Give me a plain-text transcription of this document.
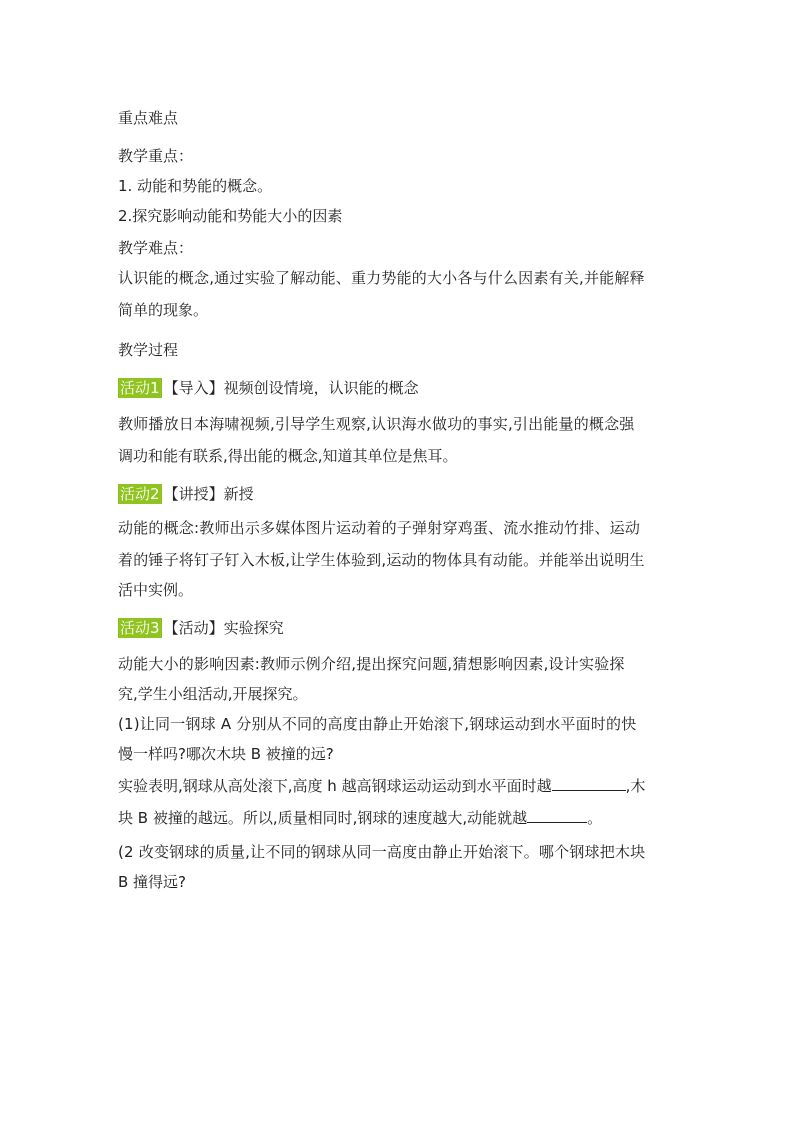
重点难点
教学重点：
1. 动能和势能的概念。
2.探究影响动能和势能大小的因素
教学难点：
认识能的概念,通过实验了解动能、重力势能的大小各与什么因素有关,并能解释
简单的现象。
教学过程
活动1 【导入】视频创设情境，认识能的概念
教师播放日本海啸视频,引导学生观察,认识海水做功的事实,引出能量的概念强
调功和能有联系,得出能的概念,知道其单位是焦耳。
活动2 【讲授】新授
动能的概念:教师出示多媒体图片运动着的子弹射穿鸡蛋、流水推动竹排、运动
着的锤子将钉子钉入木板,让学生体验到,运动的物体具有动能。并能举出说明生
活中实例。
活动3 【活动】实验探究
动能大小的影响因素:教师示例介绍,提出探究问题,猜想影响因素,设计实验探
究,学生小组活动,开展探究。
(1)让同一钢球 A 分别从不同的高度由静止开始滚下,钢球运动到水平面时的快
慢一样吗?哪次木块 B 被撞的远?
实验表明,钢球从高处滚下,高度 h 越高钢球运动运动到水平面时越	,木
块 B 被撞的越远。所以,质量相同时,钢球的速度越大,动能就越	。
(2 改变钢球的质量,让不同的钢球从同一高度由静止开始滚下。哪个钢球把木块
B 撞得远?
